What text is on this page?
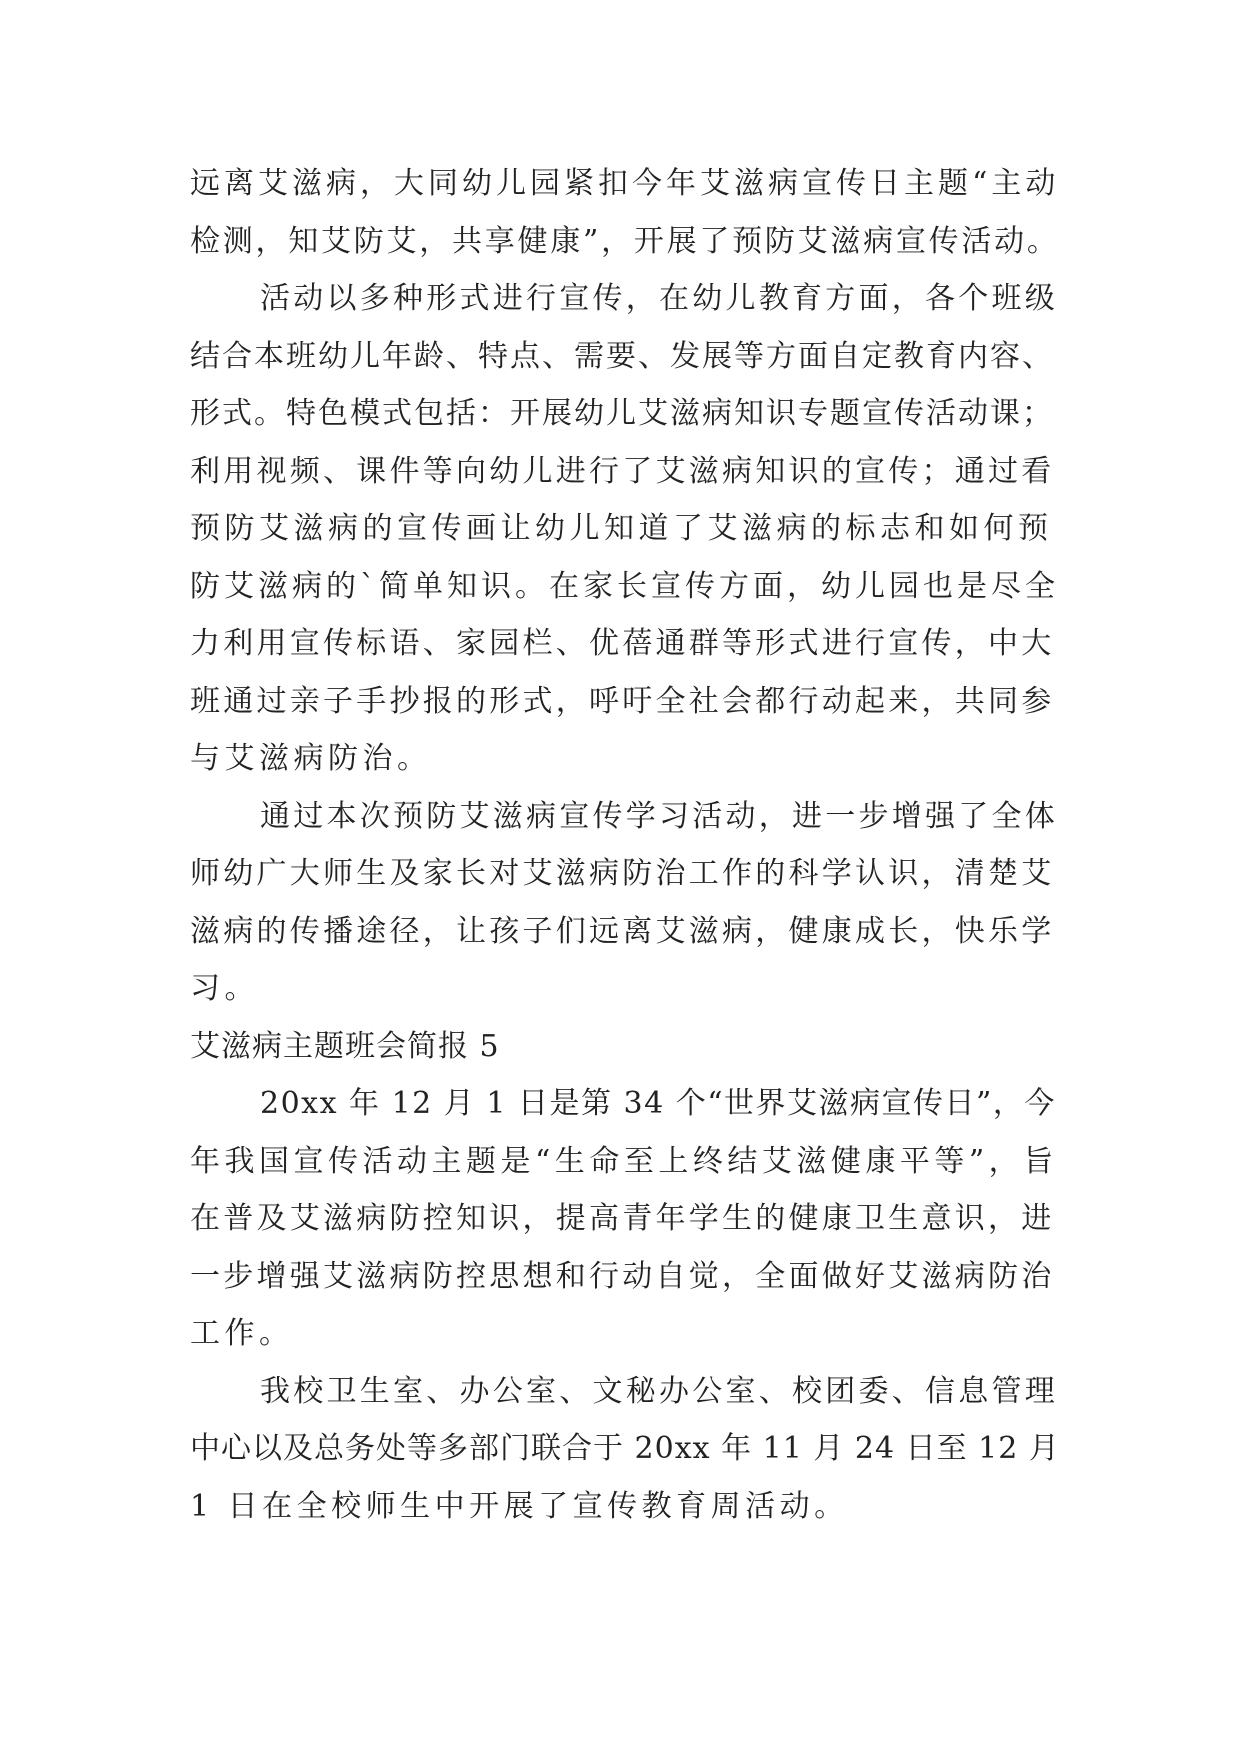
远离艾滋病，大同幼儿园紧扣今年艾滋病宣传日主题“主动
检测，知艾防艾，共享健康”，开展了预防艾滋病宣传活动。
活动以多种形式进行宣传，在幼儿教育方面，各个班级
结合本班幼儿年龄、特点、需要、发展等方面自定教育内容、
形式。特色模式包括：开展幼儿艾滋病知识专题宣传活动课；
利用视频、课件等向幼儿进行了艾滋病知识的宣传；通过看
预防艾滋病的宣传画让幼儿知道了艾滋病的标志和如何预
防艾滋病的`简单知识。在家长宣传方面，幼儿园也是尽全
力利用宣传标语、家园栏、优蓓通群等形式进行宣传，中大
班通过亲子手抄报的形式，呼吁全社会都行动起来，共同参
与艾滋病防治。
通过本次预防艾滋病宣传学习活动，进一步增强了全体
师幼广大师生及家长对艾滋病防治工作的科学认识，清楚艾
滋病的传播途径，让孩子们远离艾滋病，健康成长，快乐学
习。
艾滋病主题班会简报 5
20xx 年 12 月 1 日是第 34 个“世界艾滋病宣传日”，今
年我国宣传活动主题是“生命至上终结艾滋健康平等”，旨
在普及艾滋病防控知识，提高青年学生的健康卫生意识，进
一步增强艾滋病防控思想和行动自觉，全面做好艾滋病防治
工作。
我校卫生室、办公室、文秘办公室、校团委、信息管理
中心以及总务处等多部门联合于 20xx 年 11 月 24 日至 12 月
1 日在全校师生中开展了宣传教育周活动。
